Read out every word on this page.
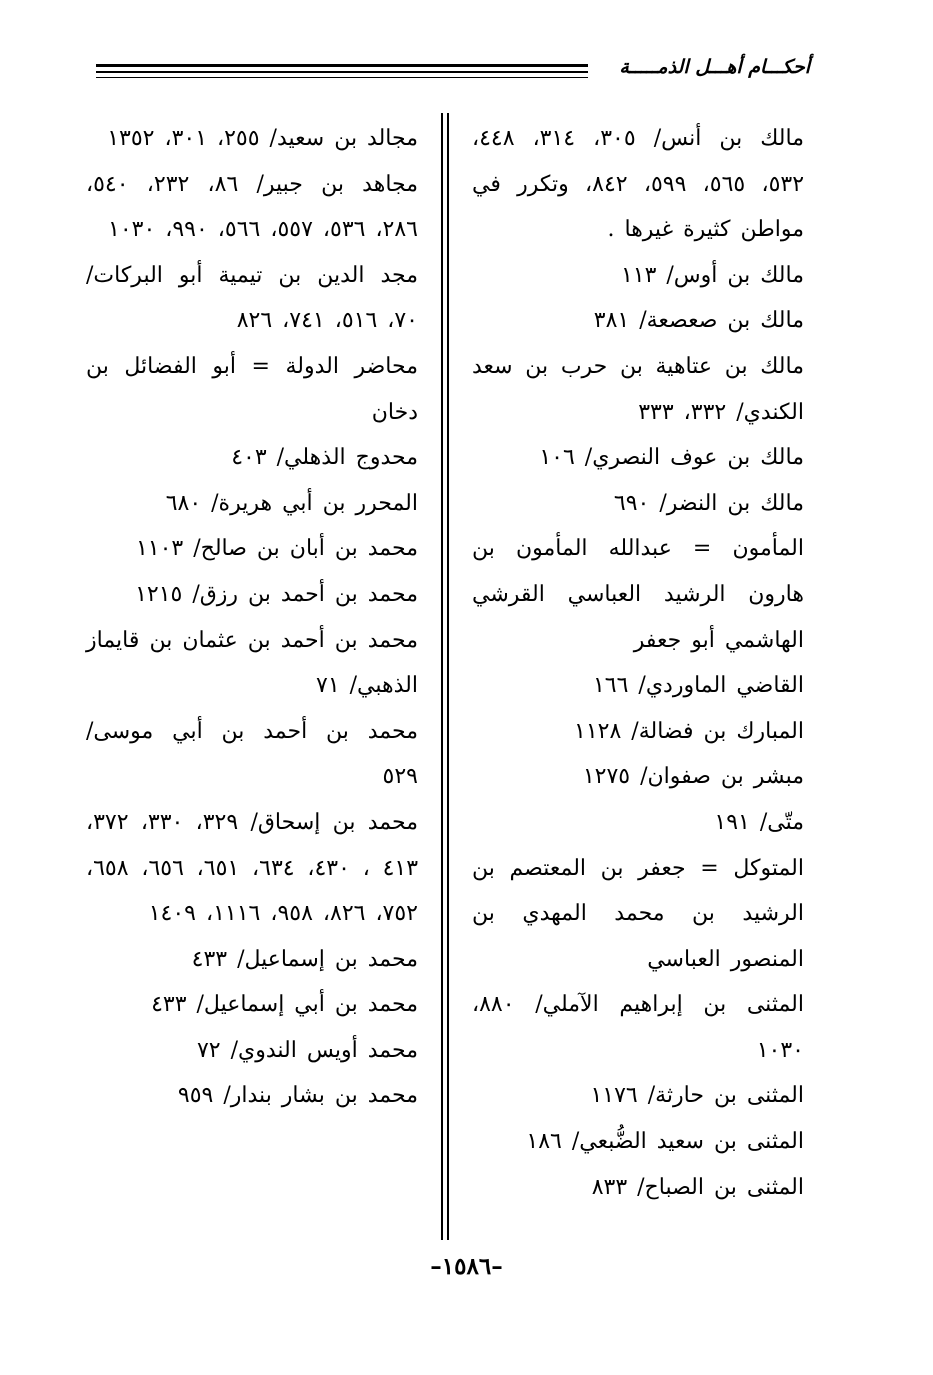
أحكـــام أهـــل الذمـــــة

مالك بن أنس/ ٣٠٥، ٣١٤، ٤٤٨، ٥٣٢، ٥٦٥، ٥٩٩، ٨٤٢، وتكرر في مواطن كثيرة غيرها .

مالك بن أوس/ ١١٣

مالك بن صعصعة/ ٣٨١

مالك بن عتاهية بن حرب بن سعد الكندي/ ٣٣٢، ٣٣٣

مالك بن عوف النصري/ ١٠٦

مالك بن النضر/ ٦٩٠

المأمون = عبدالله المأمون بن هارون الرشيد العباسي القرشي الهاشمي أبو جعفر

القاضي الماوردي/ ١٦٦

المبارك بن فضالة/ ١١٢٨

مبشر بن صفوان/ ١٢٧٥

متّى/ ١٩١

المتوكل = جعفر بن المعتصم بن الرشيد بن محمد المهدي بن المنصور العباسي

المثنى بن إبراهيم الآملي/ ٨٨٠، ١٠٣٠

المثنى بن حارثة/ ١١٧٦

المثنى بن سعيد الضُّبعي/ ١٨٦

المثنى بن الصباح/ ٨٣٣

مجالد بن سعيد/ ٢٥٥، ٣٠١، ١٣٥٢

مجاهد بن جبير/ ٨٦، ٢٣٢، ٥٤٠، ٢٨٦، ٥٣٦، ٥٥٧، ٥٦٦، ٩٩٠، ١٠٣٠

مجد الدين بن تيمية أبو البركات/ ٧٠، ٥١٦، ٧٤١، ٨٢٦

محاضر الدولة = أبو الفضائل بن دخان

محدوج الذهلي/ ٤٠٣

المحرر بن أبي هريرة/ ٦٨٠

محمد بن أبان بن صالح/ ١١٠٣

محمد بن أحمد بن رزق/ ١٢١٥

محمد بن أحمد بن عثمان بن قايماز الذهبي/ ٧١

محمد بن أحمد بن أبي موسى/ ٥٢٩

محمد بن إسحاق/ ٣٢٩، ٣٣٠، ٣٧٢، ٤١٣ ، ٤٣٠، ٦٣٤، ٦٥١، ٦٥٦، ٦٥٨، ٧٥٢، ٨٢٦، ٩٥٨، ١١١٦، ١٤٠٩

محمد بن إسماعيل/ ٤٣٣

محمد بن أبي إسماعيل/ ٤٣٣

محمد أويس الندوي/ ٧٢

محمد بن بشار بندار/ ٩٥٩

–١٥٨٦–
